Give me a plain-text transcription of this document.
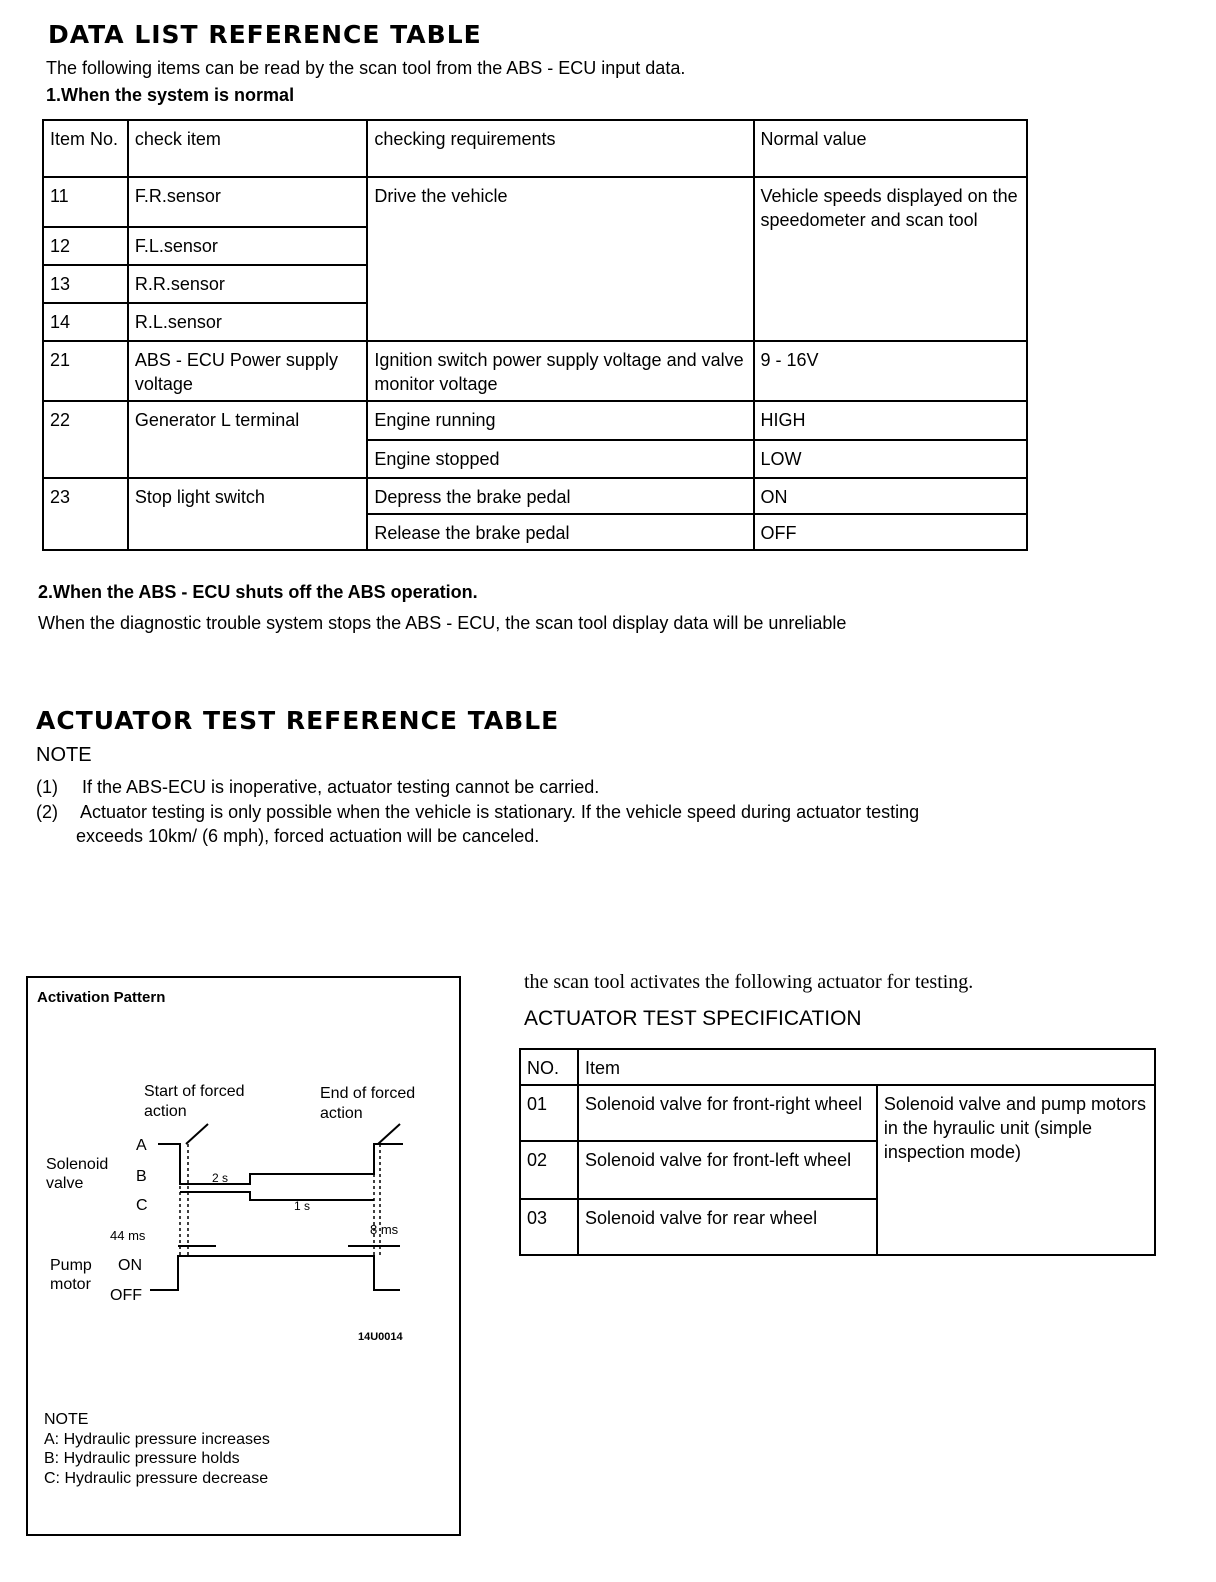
DATA LIST REFERENCE TABLE
The following items can be read by the scan tool from the ABS - ECU input data.
1.When the system is normal
Item No.	check item	checking requirements	Normal value
11	F.R.sensor	Drive the vehicle	Vehicle speeds displayed on the speedometer and scan tool
12	F.L.sensor		
13	R.R.sensor		
14	R.L.sensor		
21	ABS - ECU Power supply voltage	Ignition switch power supply voltage and valve monitor voltage	9 - 16V
22	Generator L terminal	Engine running	HIGH
		Engine stopped	LOW
23	Stop light switch	Depress the brake pedal	ON
		Release the brake pedal	OFF
2.When the ABS - ECU shuts off the ABS operation.
When the diagnostic trouble system stops the ABS - ECU, the scan tool display data will be unreliable
ACTUATOR TEST REFERENCE TABLE
NOTE
(1) If the ABS-ECU is inoperative, actuator testing cannot be carried.
(2) Actuator testing is only possible when the vehicle is stationary. If the vehicle speed during actuator testing
exceeds 10km/ (6 mph), forced actuation will be canceled.
Activation Pattern
Start of forced
action
End of forced
action
Solenoid
valve
A
B
C
2 s
1 s
44 ms	8 ms
Pump
motor
ON
OFF
14U0014
NOTE
A: Hydraulic pressure increases
B: Hydraulic pressure holds
C: Hydraulic pressure decrease
the scan tool activates the following actuator for testing.
ACTUATOR TEST SPECIFICATION
NO.	Item	
01	Solenoid valve for front-right wheel	Solenoid valve and pump motors in the hyraulic unit (simple inspection mode)
02	Solenoid valve for front-left wheel	
03	Solenoid valve for rear wheel	
